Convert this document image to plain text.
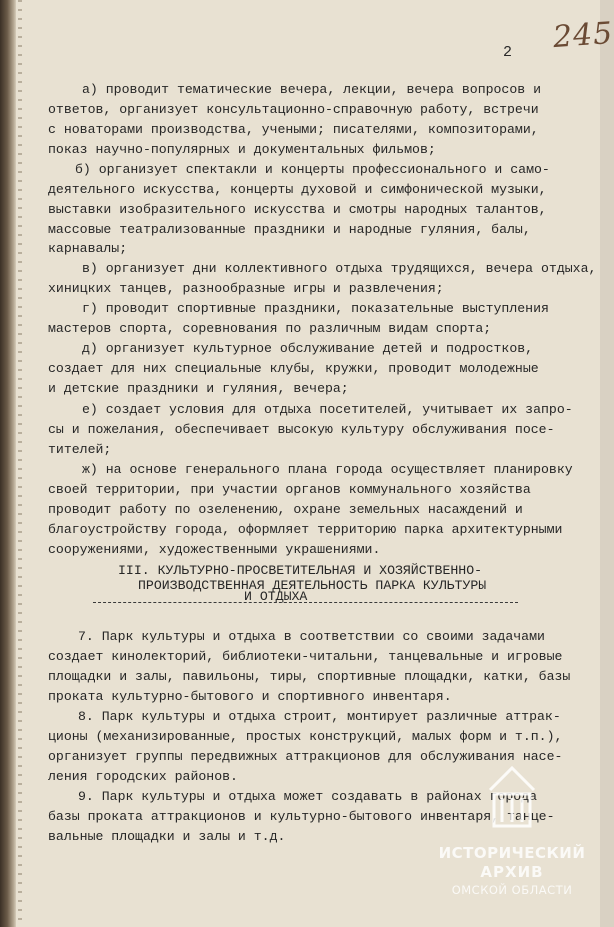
245
2

а) проводит тематические вечера, лекции, вечера вопросов и

ответов, организует консультационно-справочную работу, встречи

с новаторами производства, учеными; писателями, композиторами,

показ научно-популярных и документальных фильмов;

б) организует спектакли и концерты профессионального и само-

деятельного искусства, концерты духовой и симфонической музыки,

выставки изобразительного искусства и смотры народных талантов,

массовые театрализованные праздники и народные гуляния, балы,

карнавалы;

в) организует дни коллективного отдыха трудящихся, вечера отдыха,

хиницких танцев, разнообразные игры и развлечения;

г) проводит спортивные праздники, показательные выступления

мастеров спорта, соревнования по различным видам спорта;

д) организует культурное обслуживание детей и подростков,

создает для них специальные клубы, кружки, проводит молодежные

и детские праздники и гуляния, вечера;

е) создает условия для отдыха посетителей, учитывает их запро-

сы и пожелания, обеспечивает высокую культуру обслуживания посе-

тителей;

ж) на основе генерального плана города осуществляет планировку

своей территории, при участии органов коммунального хозяйства

проводит работу по озеленению, охране земельных насаждений и

благоустройству города, оформляет территорию парка архитектурными

сооружениями, художественными украшениями.

III. КУЛЬТУРНО-ПРОСВЕТИТЕЛЬНАЯ И ХОЗЯЙСТВЕННО-

ПРОИЗВОДСТВЕННАЯ ДЕЯТЕЛЬНОСТЬ ПАРКА КУЛЬТУРЫ

И ОТДЫХА

7. Парк культуры и отдыха в соответствии со своими задачами

создает кинолекторий, библиотеки-читальни, танцевальные и игровые

площадки и залы, павильоны, тиры, спортивные площадки, катки, базы

проката культурно-бытового и спортивного инвентаря.

8. Парк культуры и отдыха строит, монтирует различные аттрак-

ционы (механизированные, простых конструкций, малых форм и т.п.),

организует группы передвижных аттракционов для обслуживания насе-

ления городских районов.

9. Парк культуры и отдыха может создавать в районах города

базы проката аттракционов и культурно-бытового инвентаря, танце-

вальные площадки и залы и т.д.

ИСТОРИЧЕСКИЙ
АРХИВ
ОМСКОЙ ОБЛАСТИ
